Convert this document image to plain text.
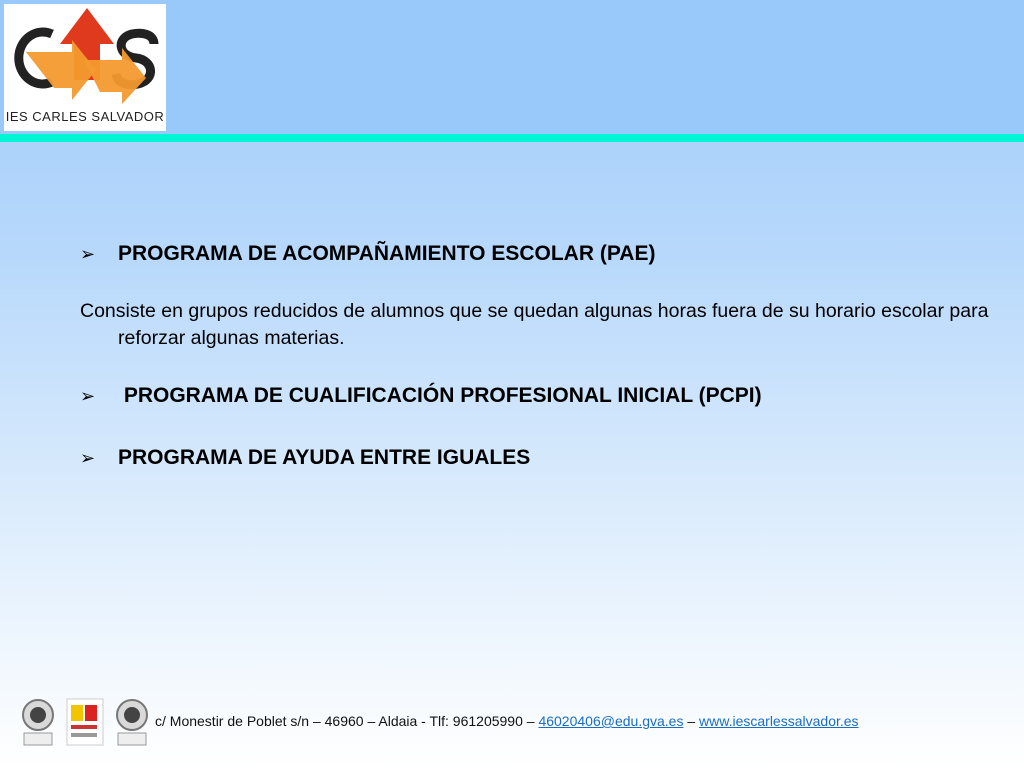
IES CARLES SALVADOR
➢	PROGRAMA DE ACOMPAÑAMIENTO ESCOLAR (PAE)
Consiste en grupos reducidos de alumnos que se quedan algunas horas fuera de su horario escolar para reforzar algunas materias.
➢	PROGRAMA DE CUALIFICACIÓN PROFESIONAL INICIAL (PCPI)
➢	PROGRAMA DE AYUDA ENTRE IGUALES
c/ Monestir de Poblet s/n – 46960 – Aldaia - Tlf: 961205990 – 46020406@edu.gva.es – www.iescarlessalvador.es
